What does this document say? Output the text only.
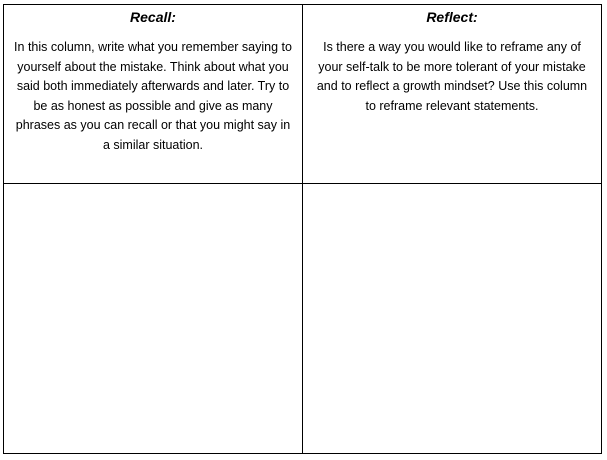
Recall:

In this column, write what you remember saying to yourself about the mistake. Think about what you said both immediately afterwards and later. Try to be as honest as possible and give as many phrases as you can recall or that you might say in a similar situation.

Reflect:

Is there a way you would like to reframe any of your self-talk to be more tolerant of your mistake and to reflect a growth mindset? Use this column to reframe relevant statements.
